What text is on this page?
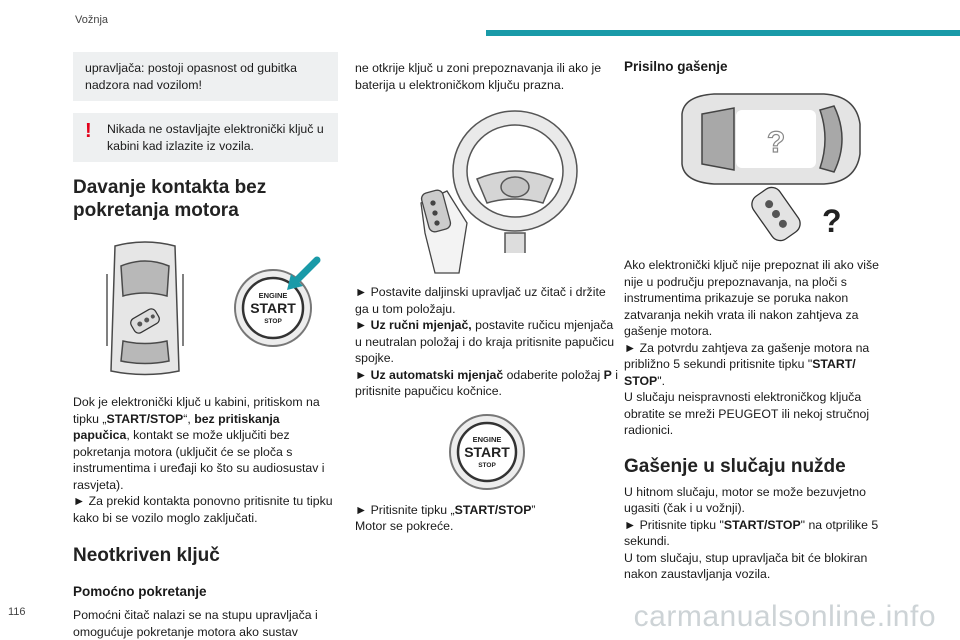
Vožnja

upravljača: postoji opasnost od gubitka nadzora nad vozilom!

! Nikada ne ostavljajte elektronički ključ u kabini kad izlazite iz vozila.

Davanje kontakta bez pokretanja motora
ENGINE
START
STOP

Dok je elektronički ključ u kabini, pritiskom na tipku „START/STOP“, bez pritiskanja papučica, kontakt se može uključiti bez pokretanja motora (uključit će se ploča s instrumentima i uređaji ko što su audiosustav i rasvjeta).

► Za prekid kontakta ponovno pritisnite tu tipku kako bi se vozilo moglo zaključati.

Neotkriven ključ
Pomoćno pokretanje

Pomoćni čitač nalazi se na stupu upravljača i omogućuje pokretanje motora ako sustav

ne otkrije ključ u zoni prepoznavanja ili ako je baterija u elektroničkom ključu prazna.

► Postavite daljinski upravljač uz čitač i držite ga u tom položaju.

► Uz ručni mjenjač, postavite ručicu mjenjača u neutralan položaj i do kraja pritisnite papučicu spojke.

► Uz automatski mjenjač odaberite položaj P i pritisnite papučicu kočnice.

ENGINE
START
STOP

► Pritisnite tipku „START/STOP”

Motor se pokreće.

Prisilno gašenje
?
?

Ako elektronički ključ nije prepoznat ili ako više nije u području prepoznavanja, na ploči s instrumentima prikazuje se poruka nakon zatvaranja nekih vrata ili nakon zahtjeva za gašenje motora.

► Za potvrdu zahtjeva za gašenje motora na približno 5 sekundi pritisnite tipku "START/ STOP".

U slučaju neispravnosti elektroničkog ključa obratite se mreži PEUGEOT ili nekoj stručnoj radionici.

Gašenje u slučaju nužde

U hitnom slučaju, motor se može bezuvjetno ugasiti (čak i u vožnji).

► Pritisnite tipku "START/STOP" na otprilike 5 sekundi.

U tom slučaju, stup upravljača bit će blokiran nakon zaustavljanja vozila.

116	carmanualsonline.info
